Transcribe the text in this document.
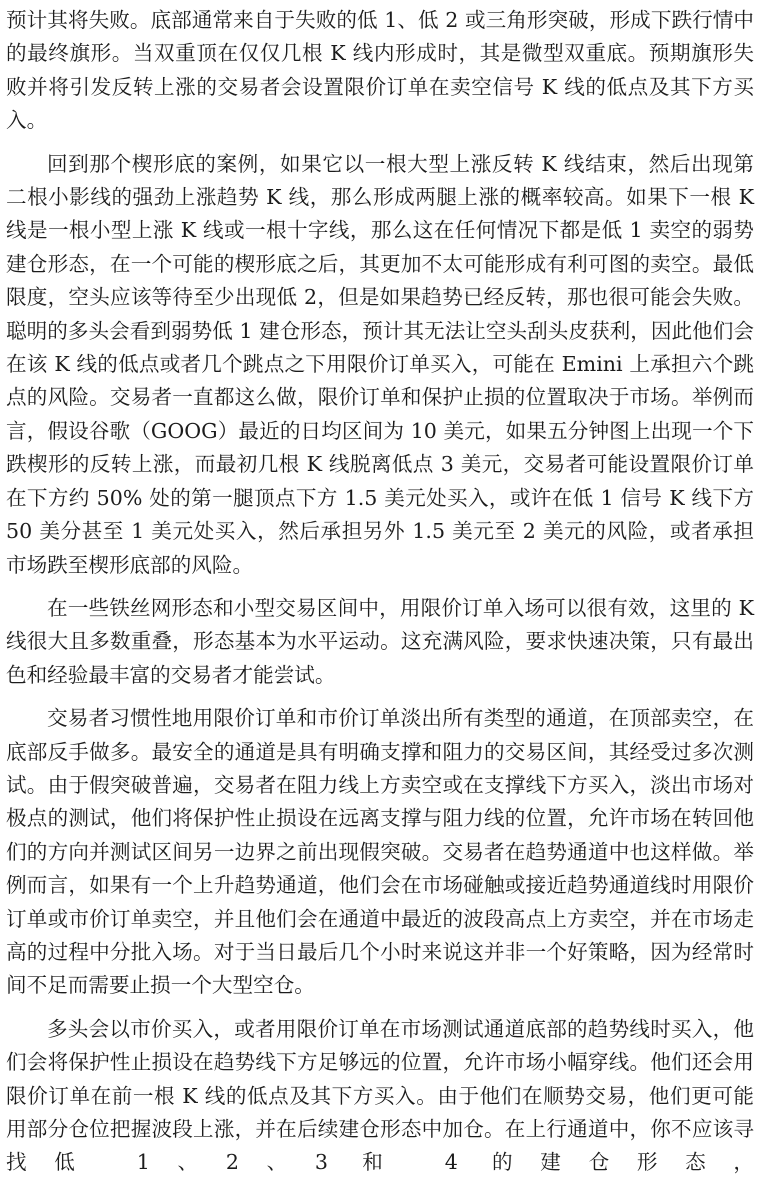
预计其将失败。底部通常来自于失败的低 1、低 2 或三角形突破，形成下跌行情中的最终旗形。当双重顶在仅仅几根 K 线内形成时，其是微型双重底。预期旗形失败并将引发反转上涨的交易者会设置限价订单在卖空信号 K 线的低点及其下方买入。

回到那个楔形底的案例，如果它以一根大型上涨反转 K 线结束，然后出现第二根小影线的强劲上涨趋势 K 线，那么形成两腿上涨的概率较高。如果下一根 K 线是一根小型上涨 K 线或一根十字线，那么这在任何情况下都是低 1 卖空的弱势建仓形态，在一个可能的楔形底之后，其更加不太可能形成有利可图的卖空。最低限度，空头应该等待至少出现低 2，但是如果趋势已经反转，那也很可能会失败。聪明的多头会看到弱势低 1 建仓形态，预计其无法让空头刮头皮获利，因此他们会在该 K 线的低点或者几个跳点之下用限价订单买入，可能在 Emini 上承担六个跳点的风险。交易者一直都这么做，限价订单和保护止损的位置取决于市场。举例而言，假设谷歌（GOOG）最近的日均区间为 10 美元，如果五分钟图上出现一个下跌楔形的反转上涨，而最初几根 K 线脱离低点 3 美元，交易者可能设置限价订单在下方约 50% 处的第一腿顶点下方 1.5 美元处买入，或许在低 1 信号 K 线下方 50 美分甚至 1 美元处买入，然后承担另外 1.5 美元至 2 美元的风险，或者承担市场跌至楔形底部的风险。

在一些铁丝网形态和小型交易区间中，用限价订单入场可以很有效，这里的 K 线很大且多数重叠，形态基本为水平运动。这充满风险，要求快速决策，只有最出色和经验最丰富的交易者才能尝试。

交易者习惯性地用限价订单和市价订单淡出所有类型的通道，在顶部卖空，在底部反手做多。最安全的通道是具有明确支撑和阻力的交易区间，其经受过多次测试。由于假突破普遍，交易者在阻力线上方卖空或在支撑线下方买入，淡出市场对极点的测试，他们将保护性止损设在远离支撑与阻力线的位置，允许市场在转回他们的方向并测试区间另一边界之前出现假突破。交易者在趋势通道中也这样做。举例而言，如果有一个上升趋势通道，他们会在市场碰触或接近趋势通道线时用限价订单或市价订单卖空，并且他们会在通道中最近的波段高点上方卖空，并在市场走高的过程中分批入场。对于当日最后几个小时来说这并非一个好策略，因为经常时间不足而需要止损一个大型空仓。

多头会以市价买入，或者用限价订单在市场测试通道底部的趋势线时买入，他们会将保护性止损设在趋势线下方足够远的位置，允许市场小幅穿线。他们还会用限价订单在前一根 K 线的低点及其下方买入。由于他们在顺势交易，他们更可能用部分仓位把握波段上涨，并在后续建仓形态中加仓。在上行通道中，你不应该寻找低 1、2、3 和 4 的建仓形态，
